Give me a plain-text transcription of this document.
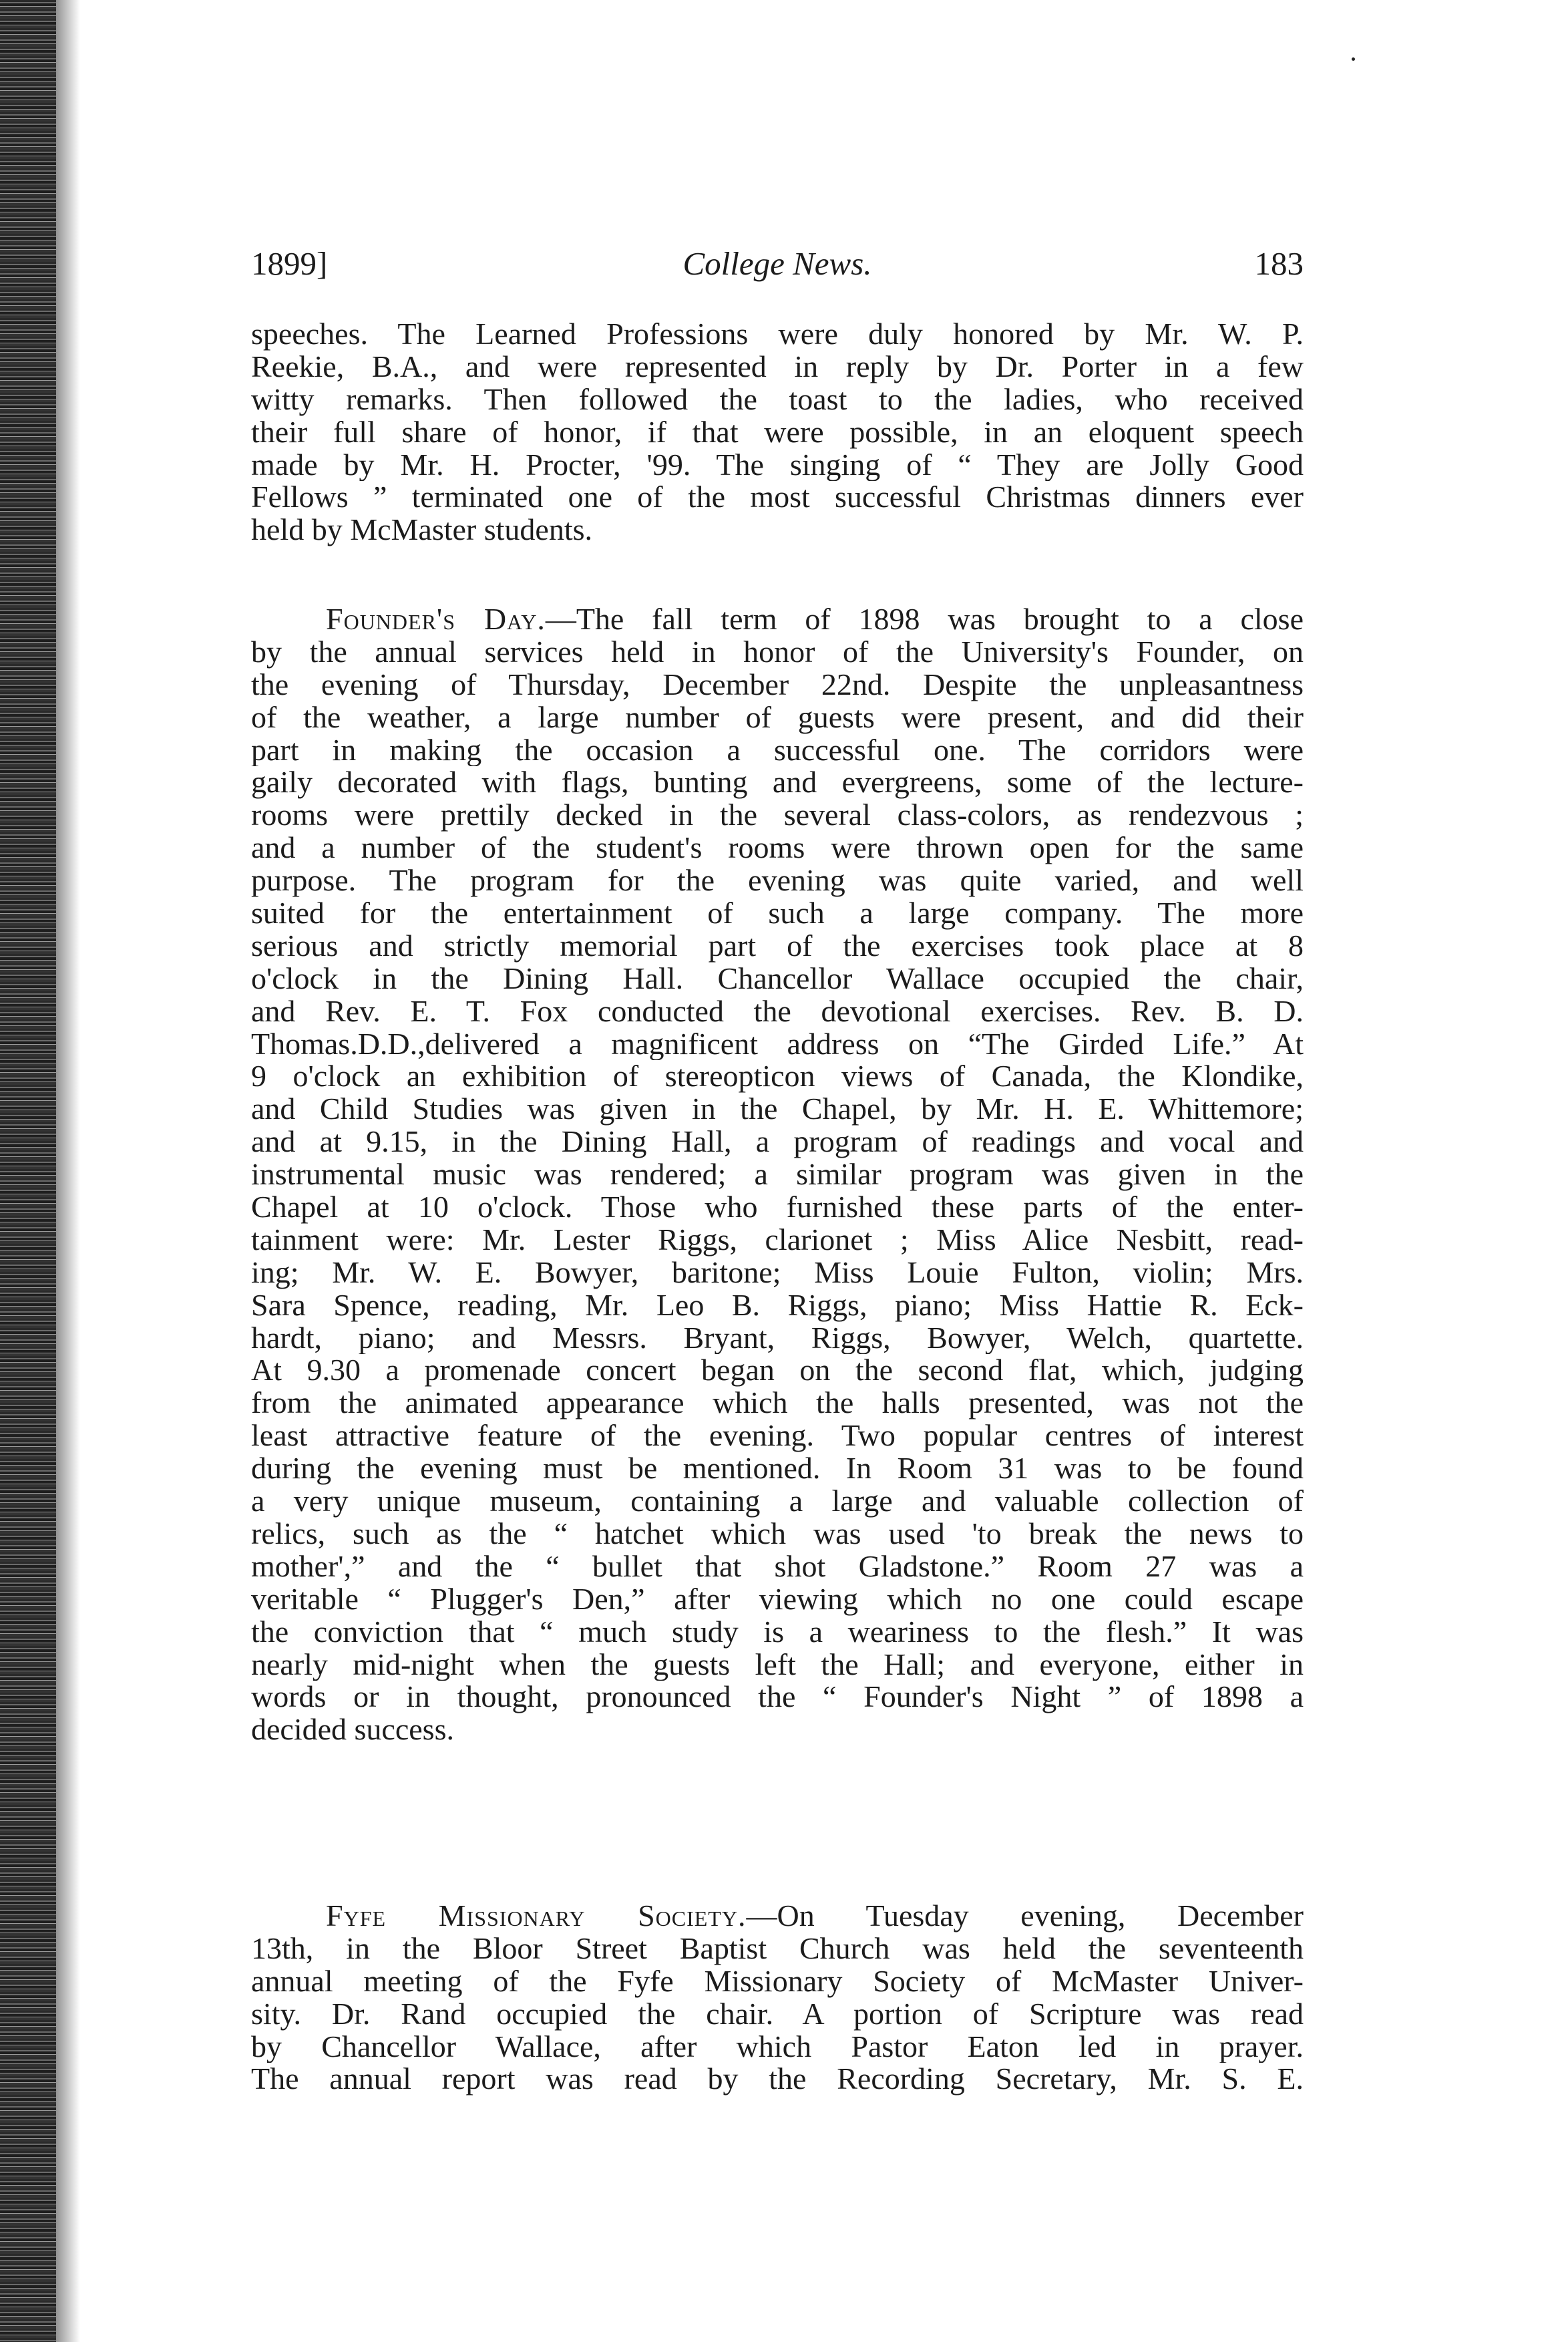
1899]	College News.	183
speeches. The Learned Professions were duly honored by Mr. W. P.
Reekie, B.A., and were represented in reply by Dr. Porter in a few
witty remarks. Then followed the toast to the ladies, who received
their full share of honor, if that were possible, in an eloquent speech
made by Mr. H. Procter, '99. The singing of “ They are Jolly Good
Fellows ” terminated one of the most successful Christmas dinners ever
held by McMaster students.
Founder's Day.—The fall term of 1898 was brought to a close
by the annual services held in honor of the University's Founder, on
the evening of Thursday, December 22nd. Despite the unpleasantness
of the weather, a large number of guests were present, and did their
part in making the occasion a successful one. The corridors were
gaily decorated with flags, bunting and evergreens, some of the lecture-
rooms were prettily decked in the several class-colors, as rendezvous ;
and a number of the student's rooms were thrown open for the same
purpose. The program for the evening was quite varied, and well
suited for the entertainment of such a large company. The more
serious and strictly memorial part of the exercises took place at 8
o'clock in the Dining Hall. Chancellor Wallace occupied the chair,
and Rev. E. T. Fox conducted the devotional exercises. Rev. B. D.
Thomas.D.D.,delivered a magnificent address on “The Girded Life.” At
9 o'clock an exhibition of stereopticon views of Canada, the Klondike,
and Child Studies was given in the Chapel, by Mr. H. E. Whittemore;
and at 9.15, in the Dining Hall, a program of readings and vocal and
instrumental music was rendered; a similar program was given in the
Chapel at 10 o'clock. Those who furnished these parts of the enter-
tainment were: Mr. Lester Riggs, clarionet ; Miss Alice Nesbitt, read-
ing; Mr. W. E. Bowyer, baritone; Miss Louie Fulton, violin; Mrs.
Sara Spence, reading, Mr. Leo B. Riggs, piano; Miss Hattie R. Eck-
hardt, piano; and Messrs. Bryant, Riggs, Bowyer, Welch, quartette.
At 9.30 a promenade concert began on the second flat, which, judging
from the animated appearance which the halls presented, was not the
least attractive feature of the evening. Two popular centres of interest
during the evening must be mentioned. In Room 31 was to be found
a very unique museum, containing a large and valuable collection of
relics, such as the “ hatchet which was used 'to break the news to
mother',” and the “ bullet that shot Gladstone.” Room 27 was a
veritable “ Plugger's Den,” after viewing which no one could escape
the conviction that “ much study is a weariness to the flesh.” It was
nearly mid-night when the guests left the Hall; and everyone, either in
words or in thought, pronounced the “ Founder's Night ” of 1898 a
decided success.
Fyfe Missionary Society.—On Tuesday evening, December
13th, in the Bloor Street Baptist Church was held the seventeenth
annual meeting of the Fyfe Missionary Society of McMaster Univer-
sity. Dr. Rand occupied the chair. A portion of Scripture was read
by Chancellor Wallace, after which Pastor Eaton led in prayer.
The annual report was read by the Recording Secretary, Mr. S. E.
